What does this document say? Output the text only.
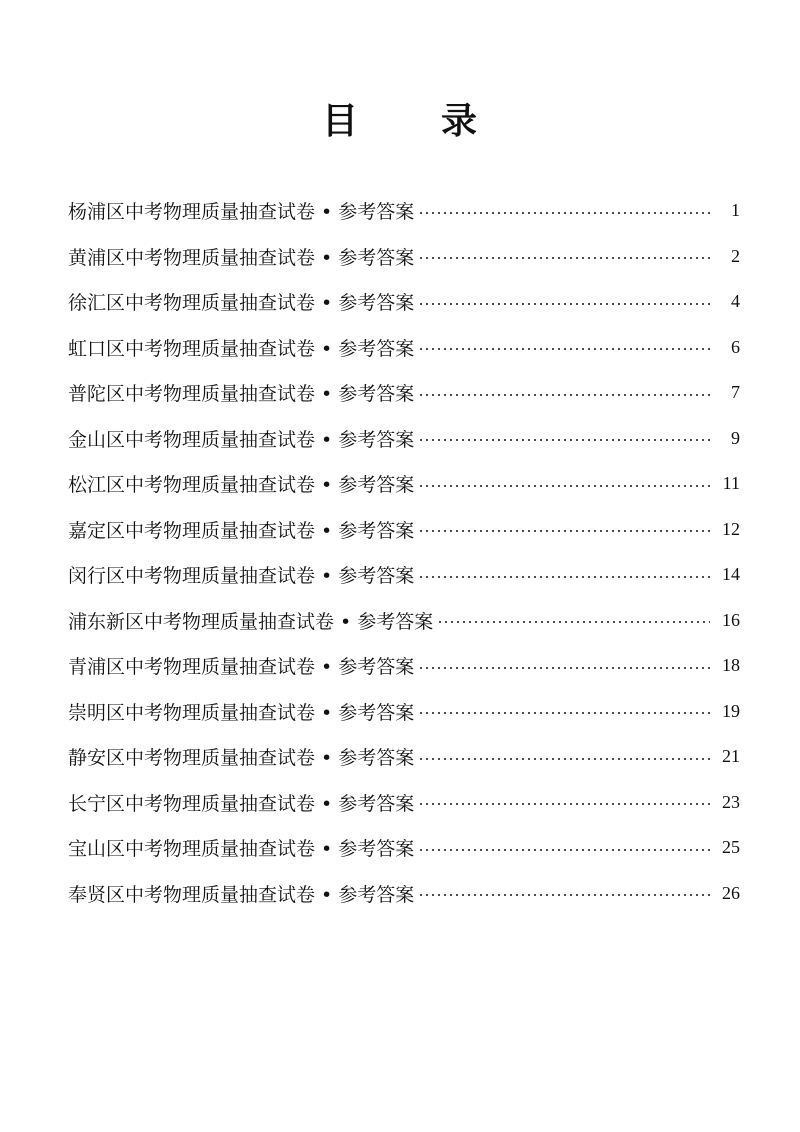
目 录
杨浦区中考物理质量抽查试卷 • 参考答案	1
黄浦区中考物理质量抽查试卷 • 参考答案	2
徐汇区中考物理质量抽查试卷 • 参考答案	4
虹口区中考物理质量抽查试卷 • 参考答案	6
普陀区中考物理质量抽查试卷 • 参考答案	7
金山区中考物理质量抽查试卷 • 参考答案	9
松江区中考物理质量抽查试卷 • 参考答案	11
嘉定区中考物理质量抽查试卷 • 参考答案	12
闵行区中考物理质量抽查试卷 • 参考答案	14
浦东新区中考物理质量抽查试卷 • 参考答案	16
青浦区中考物理质量抽查试卷 • 参考答案	18
崇明区中考物理质量抽查试卷 • 参考答案	19
静安区中考物理质量抽查试卷 • 参考答案	21
长宁区中考物理质量抽查试卷 • 参考答案	23
宝山区中考物理质量抽查试卷 • 参考答案	25
奉贤区中考物理质量抽查试卷 • 参考答案	26
